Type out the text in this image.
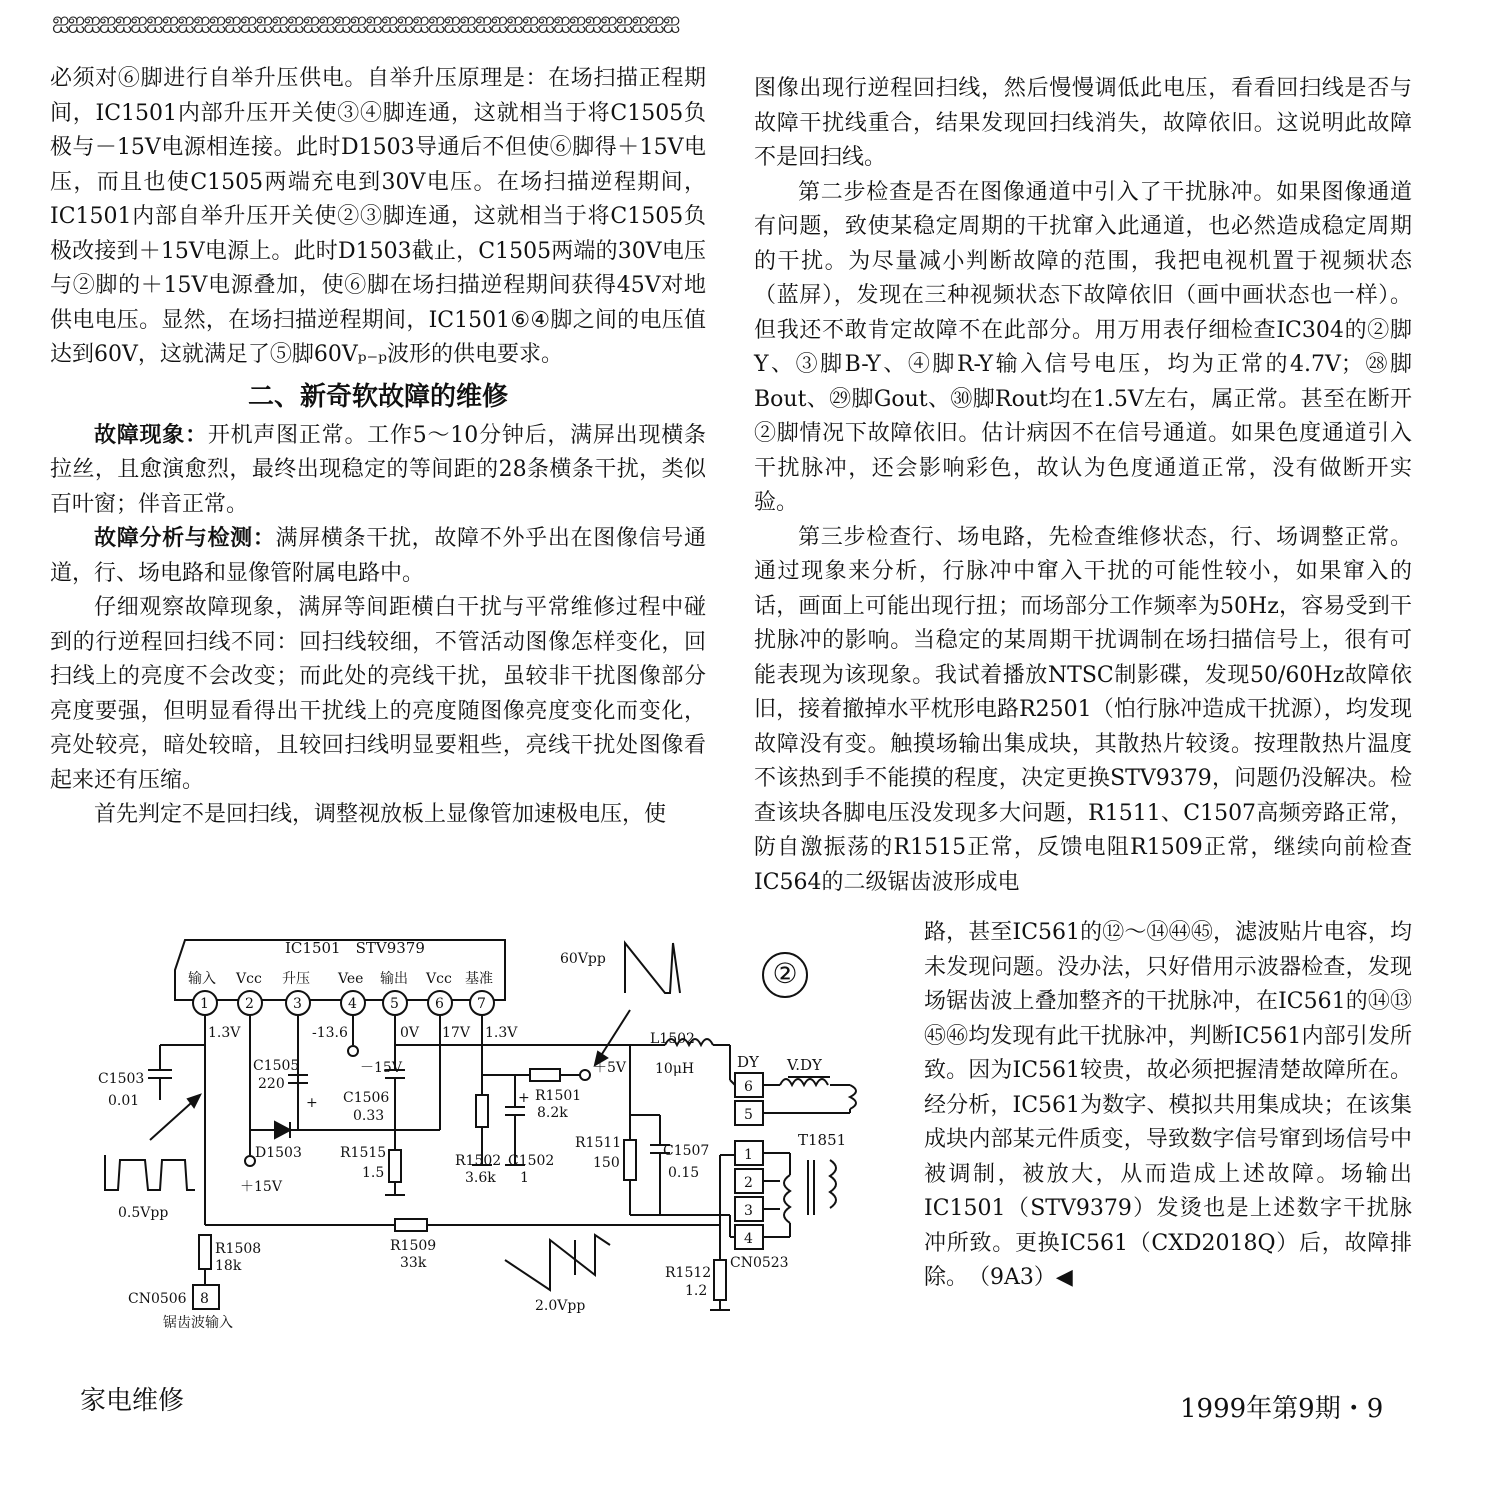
ஐஐஐஐஐஐஐஐஐஐஐஐஐஐஐஐஐஐஐஐஐஐஐஐஐஐஐஐஐஐஐஐஐஐஐஐஐஐஐஐ

必须对⑥脚进行自举升压供电。自举升压原理是：在场扫描正程期间，IC1501内部升压开关使③④脚连通，这就相当于将C1505负极与－15V电源相连接。此时D1503导通后不但使⑥脚得＋15V电压，而且也使C1505两端充电到30V电压。在场扫描逆程期间，IC1501内部自举升压开关使②③脚连通，这就相当于将C1505负极改接到＋15V电源上。此时D1503截止，C1505两端的30V电压与②脚的＋15V电源叠加，使⑥脚在场扫描逆程期间获得45V对地供电电压。显然，在场扫描逆程期间，IC1501⑥④脚之间的电压值达到60V，这就满足了⑤脚60Vₚ₋ₚ波形的供电要求。

二、新奇软故障的维修

故障现象：开机声图正常。工作5～10分钟后，满屏出现横条拉丝，且愈演愈烈，最终出现稳定的等间距的28条横条干扰，类似百叶窗；伴音正常。

故障分析与检测：满屏横条干扰，故障不外乎出在图像信号通道，行、场电路和显像管附属电路中。

仔细观察故障现象，满屏等间距横白干扰与平常维修过程中碰到的行逆程回扫线不同：回扫线较细，不管活动图像怎样变化，回扫线上的亮度不会改变；而此处的亮线干扰，虽较非干扰图像部分亮度要强，但明显看得出干扰线上的亮度随图像亮度变化而变化，亮处较亮，暗处较暗，且较回扫线明显要粗些，亮线干扰处图像看起来还有压缩。

首先判定不是回扫线，调整视放板上显像管加速极电压，使

图像出现行逆程回扫线，然后慢慢调低此电压，看看回扫线是否与故障干扰线重合，结果发现回扫线消失，故障依旧。这说明此故障不是回扫线。

第二步检查是否在图像通道中引入了干扰脉冲。如果图像通道有问题，致使某稳定周期的干扰窜入此通道，也必然造成稳定周期的干扰。为尽量减小判断故障的范围，我把电视机置于视频状态（蓝屏），发现在三种视频状态下故障依旧（画中画状态也一样）。但我还不敢肯定故障不在此部分。用万用表仔细检查IC304的②脚Y、③脚B-Y、④脚R-Y输入信号电压，均为正常的4.7V；㉘脚Bout、㉙脚Gout、㉚脚Rout均在1.5V左右，属正常。甚至在断开②脚情况下故障依旧。估计病因不在信号通道。如果色度通道引入干扰脉冲，还会影响彩色，故认为色度通道正常，没有做断开实验。

第三步检查行、场电路，先检查维修状态，行、场调整正常。通过现象来分析，行脉冲中窜入干扰的可能性较小，如果窜入的话，画面上可能出现行扭；而场部分工作频率为50Hz，容易受到干扰脉冲的影响。当稳定的某周期干扰调制在场扫描信号上，很有可能表现为该现象。我试着播放NTSC制影碟，发现50/60Hz故障依旧，接着撤掉水平枕形电路R2501（怕行脉冲造成干扰源），均发现故障没有变。触摸场输出集成块，其散热片较烫。按理散热片温度不该热到手不能摸的程度，决定更换STV9379，问题仍没解决。检查该块各脚电压没发现多大问题，R1511、C1507高频旁路正常，防自激振荡的R1515正常，反馈电阻R1509正常，继续向前检查IC564的二级锯齿波形成电

路，甚至IC561的⑫～⑭㊹㊺，滤波贴片电容，均未发现问题。没办法，只好借用示波器检查，发现场锯齿波上叠加整齐的干扰脉冲，在IC561的⑭⑬㊺㊻均发现有此干扰脉冲，判断IC561内部引发所致。因为IC561较贵，故必须把握清楚故障所在。经分析，IC561为数字、模拟共用集成块；在该集成块内部某元件质变，导致数字信号窜到场信号中被调制，被放大，从而造成上述故障。场输出IC1501（STV9379）发烫也是上述数字干扰脉冲所致。更换IC561（CXD2018Q）后，故障排除。　（9A3）◀

②
IC1501　STV9379
输入 Vcc 升压 Vee 输出 Vcc 基准
1	2	3	4 5	6 7
1.3V	-13.6	0V 17V 1.3V
－15V	＋5V
＋15V
60Vpp
0.5Vpp
2.0Vpp
C1503
0.01
C1505
220
+ C1506
0.33
D1503	R1515
1.5
R1502
3.6k
C1502
1
+ R1501
8.2k
L1502
10μH
R1511
150
C1507
0.15
DY V.DY
T1851
CN0523
6
5
1
2
3
4
R1508
18k
R1509
33k
R1512
1.2
CN0506 8
锯齿波输入
家电维修	1999年第9期・9
